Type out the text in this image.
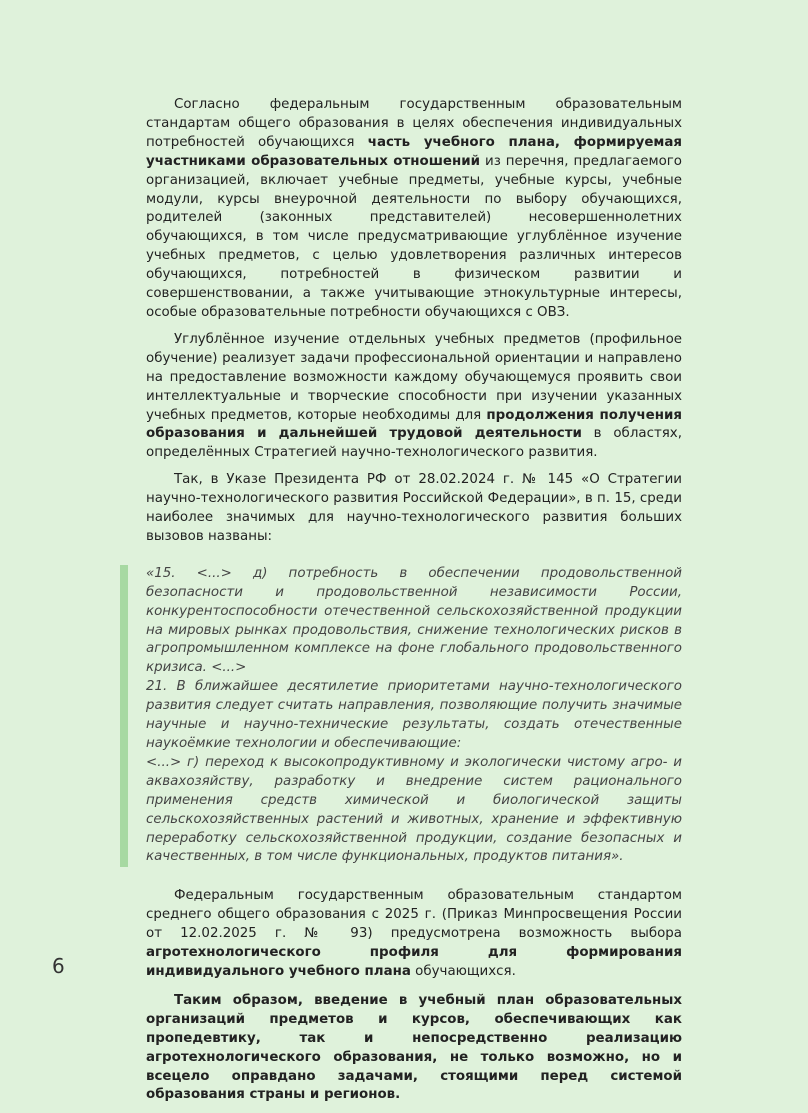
Согласно федеральным государственным образовательным стандартам общего образования в целях обеспечения индивидуальных потребностей обучающихся часть учебного плана, формируемая участниками образовательных отношений из перечня, предлагаемого организацией, включает учебные предметы, учебные курсы, учебные модули, курсы внеурочной деятельности по выбору обучающихся, родителей (законных представителей) несовершеннолетних обучающихся, в том числе предусматривающие углублённое изучение учебных предметов, с целью удовлетворения различных интересов обучающихся, потребностей в физическом развитии и совершенствовании, а также учитывающие этнокультурные интересы, особые образовательные потребности обучающихся с ОВЗ.

Углублённое изучение отдельных учебных предметов (профильное обучение) реализует задачи профессиональной ориентации и направлено на предоставление возможности каждому обучающемуся проявить свои интеллектуальные и творческие способности при изучении указанных учебных предметов, которые необходимы для продолжения получения образования и дальнейшей трудовой деятельности в областях, определённых Стратегией научно-технологического развития.

Так, в Указе Президента РФ от 28.02.2024 г. № 145 «О Стратегии научно-технологического развития Российской Федерации», в п. 15, среди наиболее значимых для научно-технологического развития больших вызовов названы:

«15. <...> д) потребность в обеспечении продовольственной безопасности и продовольственной независимости России, конкурентоспособности отечественной сельскохозяйственной продукции на мировых рынках продовольствия, снижение технологических рисков в агропромышленном комплексе на фоне глобального продовольственного кризиса. <...>

21. В ближайшее десятилетие приоритетами научно-технологического развития следует считать направления, позволяющие получить значимые научные и научно-технические результаты, создать отечественные наукоёмкие технологии и обеспечивающие:

<...> г) переход к высокопродуктивному и экологически чистому агро- и аквахозяйству, разработку и внедрение систем рационального применения средств химической и биологической защиты сельскохозяйственных растений и животных, хранение и эффективную переработку сельскохозяйственной продукции, создание безопасных и качественных, в том числе функциональных, продуктов питания».

Федеральным государственным образовательным стандартом среднего общего образования с 2025 г. (Приказ Минпросвещения России от 12.02.2025 г. № 93) предусмотрена возможность выбора агротехнологического профиля для формирования индивидуального учебного плана обучающихся.

Таким образом, введение в учебный план образовательных организаций предметов и курсов, обеспечивающих как пропедевтику, так и непосредственно реализацию агротехнологического образования, не только возможно, но и всецело оправдано задачами, стоящими перед системой образования страны и регионов.

6
